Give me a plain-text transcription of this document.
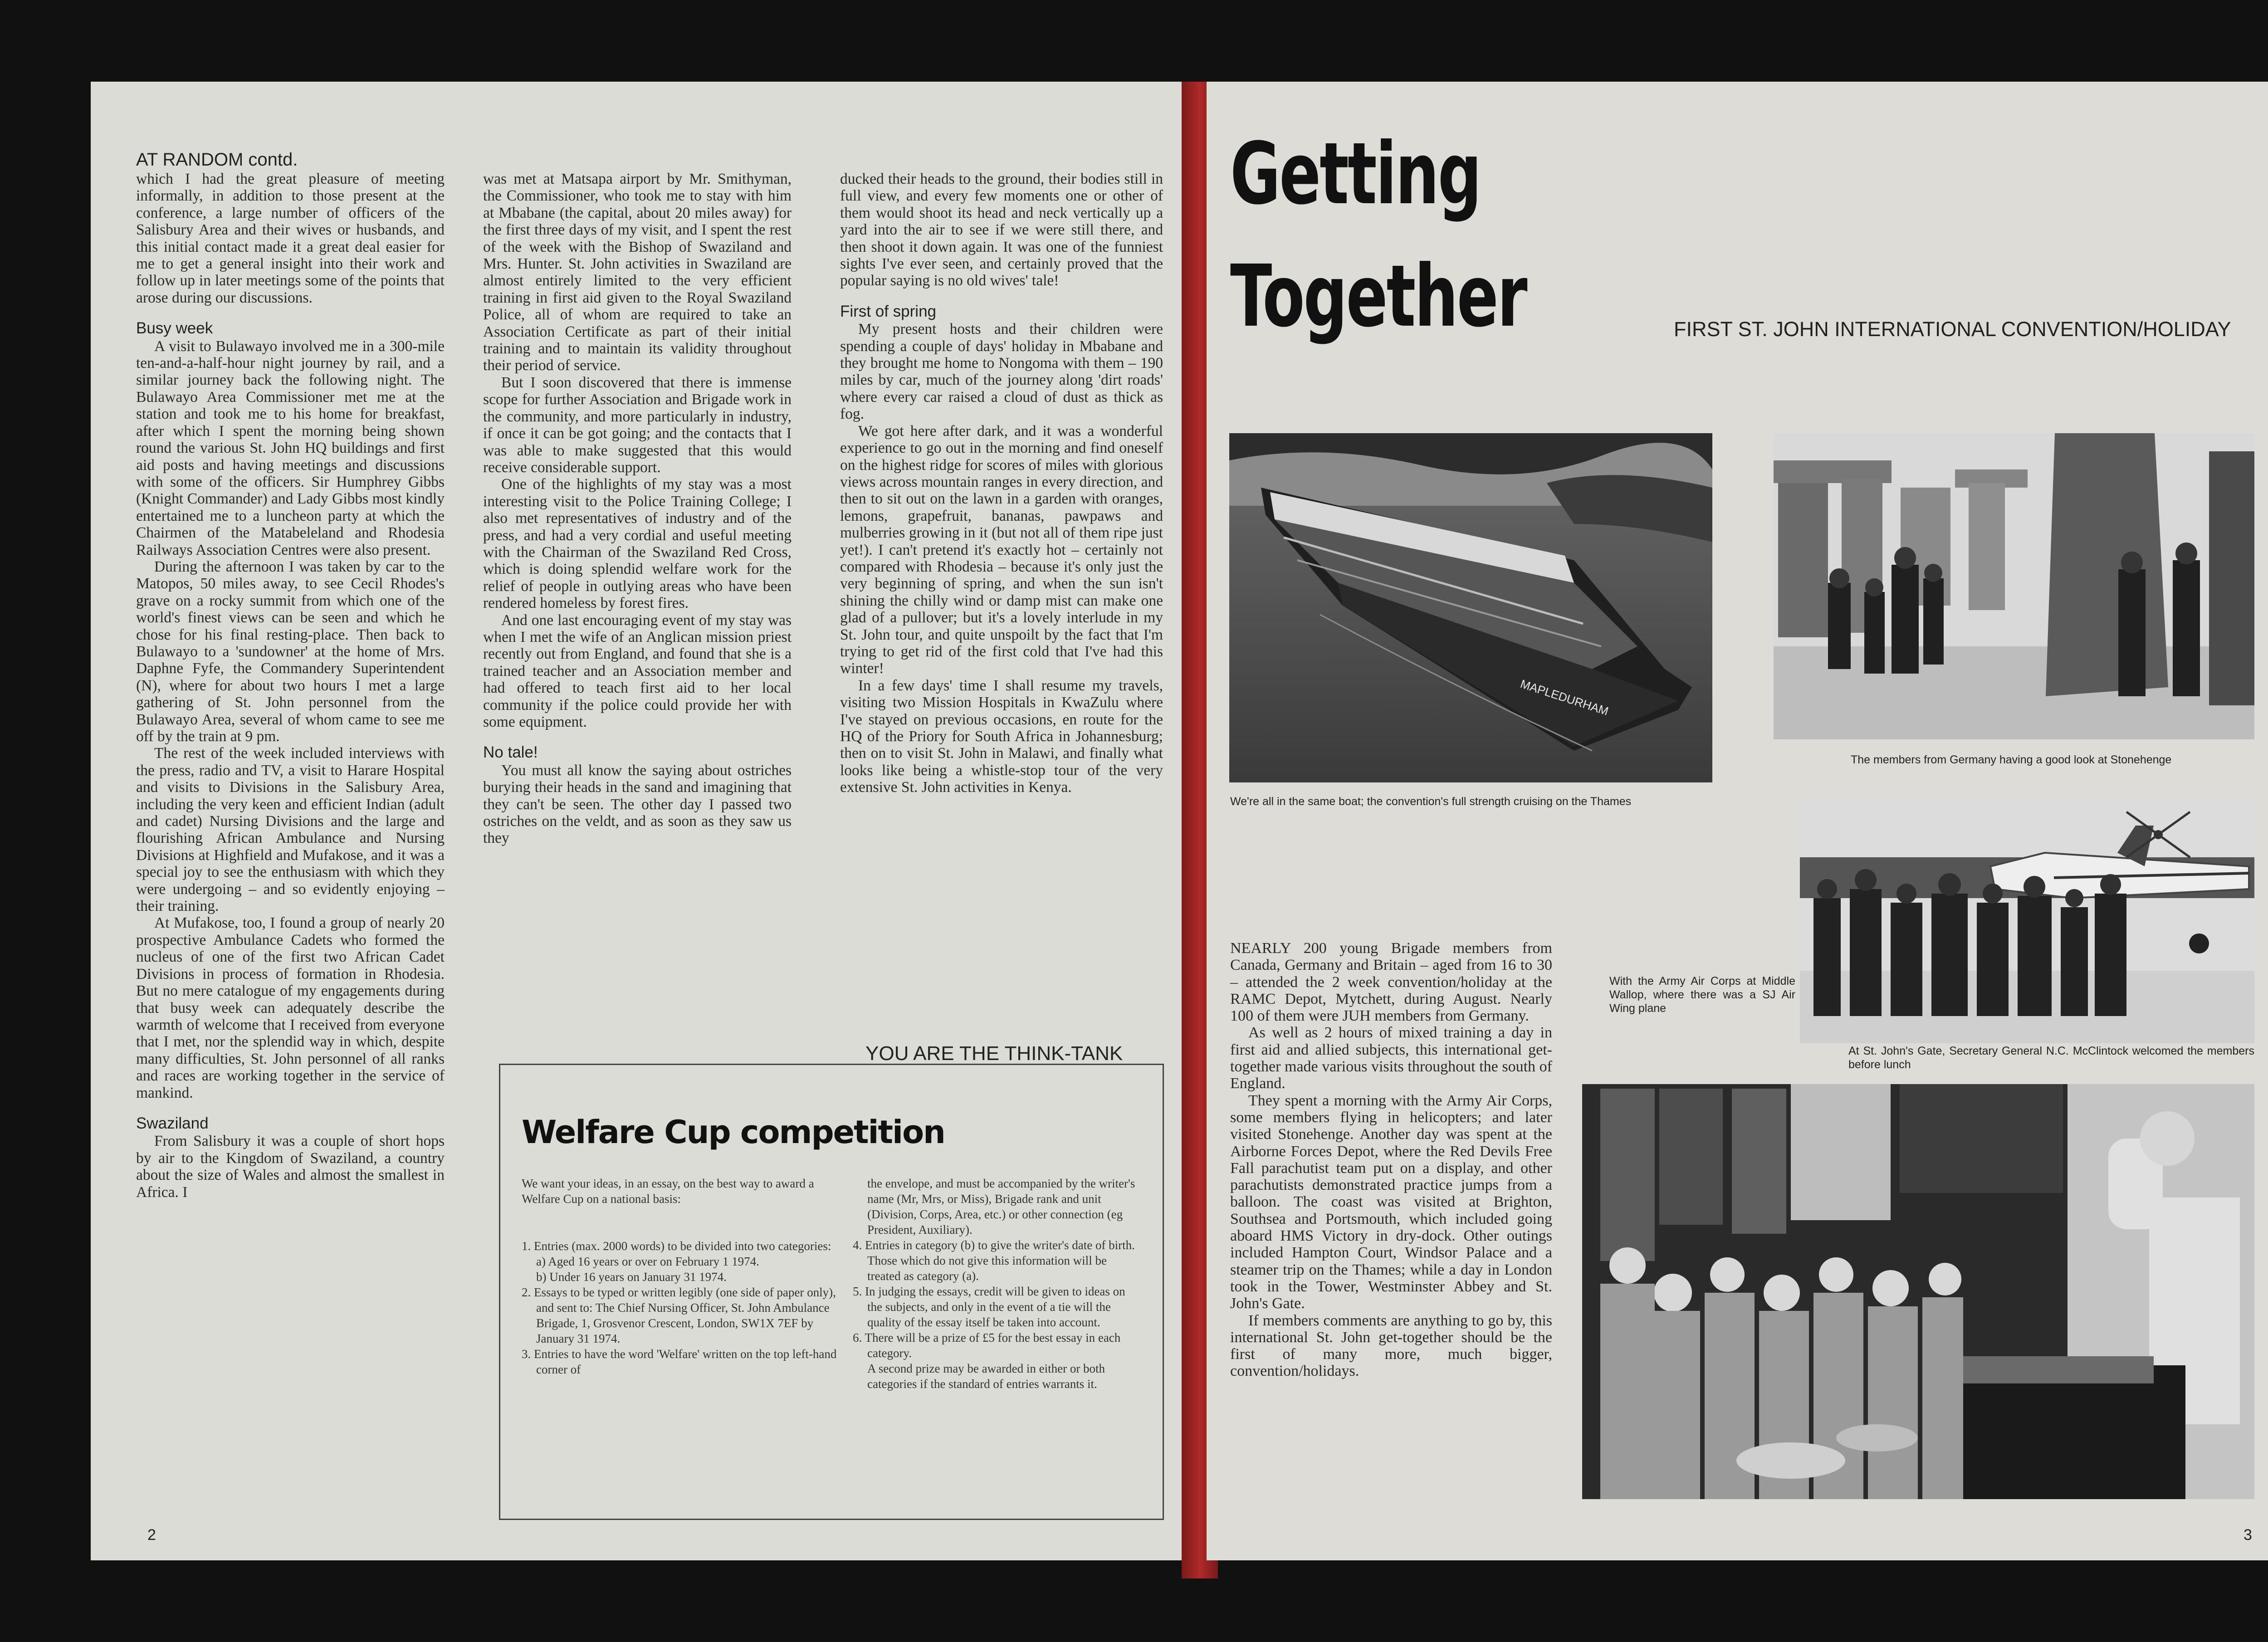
AT RANDOM contd.

which I had the great pleasure of meeting informally, in addition to those present at the conference, a large number of officers of the Salisbury Area and their wives or husbands, and this initial contact made it a great deal easier for me to get a general insight into their work and follow up in later meetings some of the points that arose during our discussions.

Busy week

A visit to Bulawayo involved me in a 300-mile ten-and-a-half-hour night journey by rail, and a similar journey back the following night. The Bulawayo Area Commissioner met me at the station and took me to his home for breakfast, after which I spent the morning being shown round the various St. John HQ buildings and first aid posts and having meetings and discussions with some of the officers. Sir Humphrey Gibbs (Knight Commander) and Lady Gibbs most kindly entertained me to a luncheon party at which the Chairmen of the Matabeleland and Rhodesia Railways Association Centres were also present.

During the afternoon I was taken by car to the Matopos, 50 miles away, to see Cecil Rhodes's grave on a rocky summit from which one of the world's finest views can be seen and which he chose for his final resting-place. Then back to Bulawayo to a 'sundowner' at the home of Mrs. Daphne Fyfe, the Commandery Superintendent (N), where for about two hours I met a large gathering of St. John personnel from the Bulawayo Area, several of whom came to see me off by the train at 9 pm.

The rest of the week included interviews with the press, radio and TV, a visit to Harare Hospital and visits to Divisions in the Salisbury Area, including the very keen and efficient Indian (adult and cadet) Nursing Divisions and the large and flourishing African Ambulance and Nursing Divisions at Highfield and Mufakose, and it was a special joy to see the enthusiasm with which they were undergoing – and so evidently enjoying – their training.

At Mufakose, too, I found a group of nearly 20 prospective Ambulance Cadets who formed the nucleus of one of the first two African Cadet Divisions in process of formation in Rhodesia. But no mere catalogue of my engagements during that busy week can adequately describe the warmth of welcome that I received from everyone that I met, nor the splendid way in which, despite many difficulties, St. John personnel of all ranks and races are working together in the service of mankind.

Swaziland

From Salisbury it was a couple of short hops by air to the Kingdom of Swaziland, a country about the size of Wales and almost the smallest in Africa. I

was met at Matsapa airport by Mr. Smithyman, the Commissioner, who took me to stay with him at Mbabane (the capital, about 20 miles away) for the first three days of my visit, and I spent the rest of the week with the Bishop of Swaziland and Mrs. Hunter. St. John activities in Swaziland are almost entirely limited to the very efficient training in first aid given to the Royal Swaziland Police, all of whom are required to take an Association Certificate as part of their initial training and to maintain its validity throughout their period of service.

But I soon discovered that there is immense scope for further Association and Brigade work in the community, and more particularly in industry, if once it can be got going; and the contacts that I was able to make suggested that this would receive considerable support.

One of the highlights of my stay was a most interesting visit to the Police Training College; I also met representatives of industry and of the press, and had a very cordial and useful meeting with the Chairman of the Swaziland Red Cross, which is doing splendid welfare work for the relief of people in outlying areas who have been rendered homeless by forest fires.

And one last encouraging event of my stay was when I met the wife of an Anglican mission priest recently out from England, and found that she is a trained teacher and an Association member and had offered to teach first aid to her local community if the police could provide her with some equipment.

No tale!

You must all know the saying about ostriches burying their heads in the sand and imagining that they can't be seen. The other day I passed two ostriches on the veldt, and as soon as they saw us they

ducked their heads to the ground, their bodies still in full view, and every few moments one or other of them would shoot its head and neck vertically up a yard into the air to see if we were still there, and then shoot it down again. It was one of the funniest sights I've ever seen, and certainly proved that the popular saying is no old wives' tale!

First of spring

My present hosts and their children were spending a couple of days' holiday in Mbabane and they brought me home to Nongoma with them – 190 miles by car, much of the journey along 'dirt roads' where every car raised a cloud of dust as thick as fog.

We got here after dark, and it was a wonderful experience to go out in the morning and find oneself on the highest ridge for scores of miles with glorious views across mountain ranges in every direction, and then to sit out on the lawn in a garden with oranges, lemons, grapefruit, bananas, pawpaws and mulberries growing in it (but not all of them ripe just yet!). I can't pretend it's exactly hot – certainly not compared with Rhodesia – because it's only just the very beginning of spring, and when the sun isn't shining the chilly wind or damp mist can make one glad of a pullover; but it's a lovely interlude in my St. John tour, and quite unspoilt by the fact that I'm trying to get rid of the first cold that I've had this winter!

In a few days' time I shall resume my travels, visiting two Mission Hospitals in KwaZulu where I've stayed on previous occasions, en route for the HQ of the Priory for South Africa in Johannesburg; then on to visit St. John in Malawi, and finally what looks like being a whistle-stop tour of the very extensive St. John activities in Kenya.

YOU ARE THE THINK-TANK
Welfare Cup competition

We want your ideas, in an essay, on the best way to award a Welfare Cup on a national basis:

1. Entries (max. 2000 words) to be divided into two categories:

a) Aged 16 years or over on February 1 1974.

b) Under 16 years on January 31 1974.

2. Essays to be typed or written legibly (one side of paper only), and sent to: The Chief Nursing Officer, St. John Ambulance Brigade, 1, Grosvenor Crescent, London, SW1X 7EF by January 31 1974.

3. Entries to have the word 'Welfare' written on the top left-hand corner of

the envelope, and must be accompanied by the writer's name (Mr, Mrs, or Miss), Brigade rank and unit (Division, Corps, Area, etc.) or other connection (eg President, Auxiliary).

4. Entries in category (b) to give the writer's date of birth. Those which do not give this information will be treated as category (a).

5. In judging the essays, credit will be given to ideas on the subjects, and only in the event of a tie will the quality of the essay itself be taken into account.

6. There will be a prize of £5 for the best essay in each category.

A second prize may be awarded in either or both categories if the standard of entries warrants it.

2
Getting
Together	FIRST ST. JOHN INTERNATIONAL CONVENTION/HOLIDAY
MAPLEDURHAM
We're all in the same boat; the convention's full strength cruising on the Thames
The members from Germany having a good look at Stonehenge
With the Army Air Corps at Middle Wallop, where there was a SJ Air Wing plane
At St. John's Gate, Secretary General N.C. McClintock welcomed the members before lunch

NEARLY 200 young Brigade members from Canada, Germany and Britain – aged from 16 to 30 – attended the 2 week convention/holiday at the RAMC Depot, Mytchett, during August. Nearly 100 of them were JUH members from Germany.

As well as 2 hours of mixed training a day in first aid and allied subjects, this international get-together made various visits throughout the south of England.

They spent a morning with the Army Air Corps, some members flying in helicopters; and later visited Stonehenge. Another day was spent at the Airborne Forces Depot, where the Red Devils Free Fall parachutist team put on a display, and other parachutists demonstrated practice jumps from a balloon. The coast was visited at Brighton, Southsea and Portsmouth, which included going aboard HMS Victory in dry-dock. Other outings included Hampton Court, Windsor Palace and a steamer trip on the Thames; while a day in London took in the Tower, Westminster Abbey and St. John's Gate.

If members comments are anything to go by, this international St. John get-together should be the first of many more, much bigger, convention/holidays.

3
